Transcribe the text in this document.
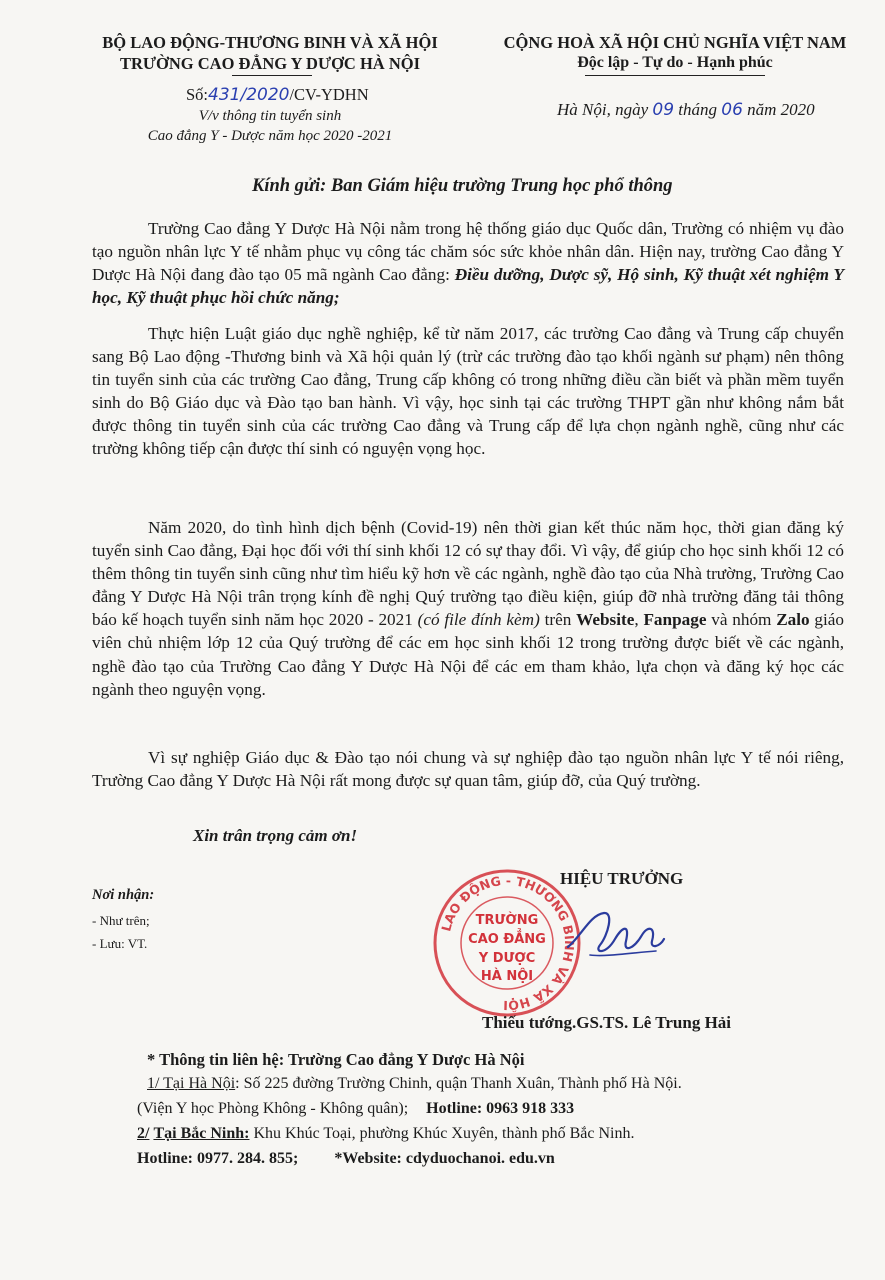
BỘ LAO ĐỘNG-THƯƠNG BINH VÀ XÃ HỘI
TRƯỜNG CAO ĐẲNG Y DƯỢC HÀ NỘI
Số:431/2020/CV-YDHN
V/v thông tin tuyển sinh
Cao đẳng Y - Dược năm học 2020 -2021
CỘNG HOÀ XÃ HỘI CHỦ NGHĨA VIỆT NAM
Độc lập - Tự do - Hạnh phúc
Hà Nội, ngày 09 tháng 06 năm 2020
Kính gửi: Ban Giám hiệu trường Trung học phổ thông

Trường Cao đẳng Y Dược Hà Nội nằm trong hệ thống giáo dục Quốc dân, Trường có nhiệm vụ đào tạo nguồn nhân lực Y tế nhằm phục vụ công tác chăm sóc sức khỏe nhân dân. Hiện nay, trường Cao đẳng Y Dược Hà Nội đang đào tạo 05 mã ngành Cao đẳng: Điều dưỡng, Dược sỹ, Hộ sinh, Kỹ thuật xét nghiệm Y học, Kỹ thuật phục hồi chức năng;

Thực hiện Luật giáo dục nghề nghiệp, kể từ năm 2017, các trường Cao đẳng và Trung cấp chuyển sang Bộ Lao động -Thương binh và Xã hội quản lý (trừ các trường đào tạo khối ngành sư phạm) nên thông tin tuyển sinh của các trường Cao đẳng, Trung cấp không có trong những điều cần biết và phần mềm tuyển sinh do Bộ Giáo dục và Đào tạo ban hành. Vì vậy, học sinh tại các trường THPT gần như không nắm bắt được thông tin tuyển sinh của các trường Cao đẳng và Trung cấp để lựa chọn ngành nghề, cũng như các trường không tiếp cận được thí sinh có nguyện vọng học.

Năm 2020, do tình hình dịch bệnh (Covid-19) nên thời gian kết thúc năm học, thời gian đăng ký tuyển sinh Cao đẳng, Đại học đối với thí sinh khối 12 có sự thay đổi. Vì vậy, để giúp cho học sinh khối 12 có thêm thông tin tuyển sinh cũng như tìm hiểu kỹ hơn về các ngành, nghề đào tạo của Nhà trường, Trường Cao đẳng Y Dược Hà Nội trân trọng kính đề nghị Quý trường tạo điều kiện, giúp đỡ nhà trường đăng tải thông báo kế hoạch tuyển sinh năm học 2020 - 2021 (có file đính kèm) trên Website, Fanpage và nhóm Zalo giáo viên chủ nhiệm lớp 12 của Quý trường để các em học sinh khối 12 trong trường được biết về các ngành, nghề đào tạo của Trường Cao đẳng Y Dược Hà Nội để các em tham khảo, lựa chọn và đăng ký học các ngành theo nguyện vọng.

Vì sự nghiệp Giáo dục & Đào tạo nói chung và sự nghiệp đào tạo nguồn nhân lực Y tế nói riêng, Trường Cao đẳng Y Dược Hà Nội rất mong được sự quan tâm, giúp đỡ, của Quý trường.

Xin trân trọng cảm ơn!
Nơi nhận:
- Như trên;
- Lưu: VT.
LAO ĐỘNG - THƯƠNG BINH VÀ XÃ HỘI
TRƯỜNG
CAO ĐẲNG
Y DƯỢC
HÀ NỘI
HIỆU TRƯỞNG
Thiếu tướng.GS.TS. Lê Trung Hải
* Thông tin liên hệ: Trường Cao đẳng Y Dược Hà Nội
1/ Tại Hà Nội: Số 225 đường Trường Chinh, quận Thanh Xuân, Thành phố Hà Nội.
(Viện Y học Phòng Không - Không quân); Hotline: 0963 918 333
2/ Tại Bắc Ninh: Khu Khúc Toại, phường Khúc Xuyên, thành phố Bắc Ninh.
Hotline: 0977. 284. 855; *Website: cdyduochanoi. edu.vn
